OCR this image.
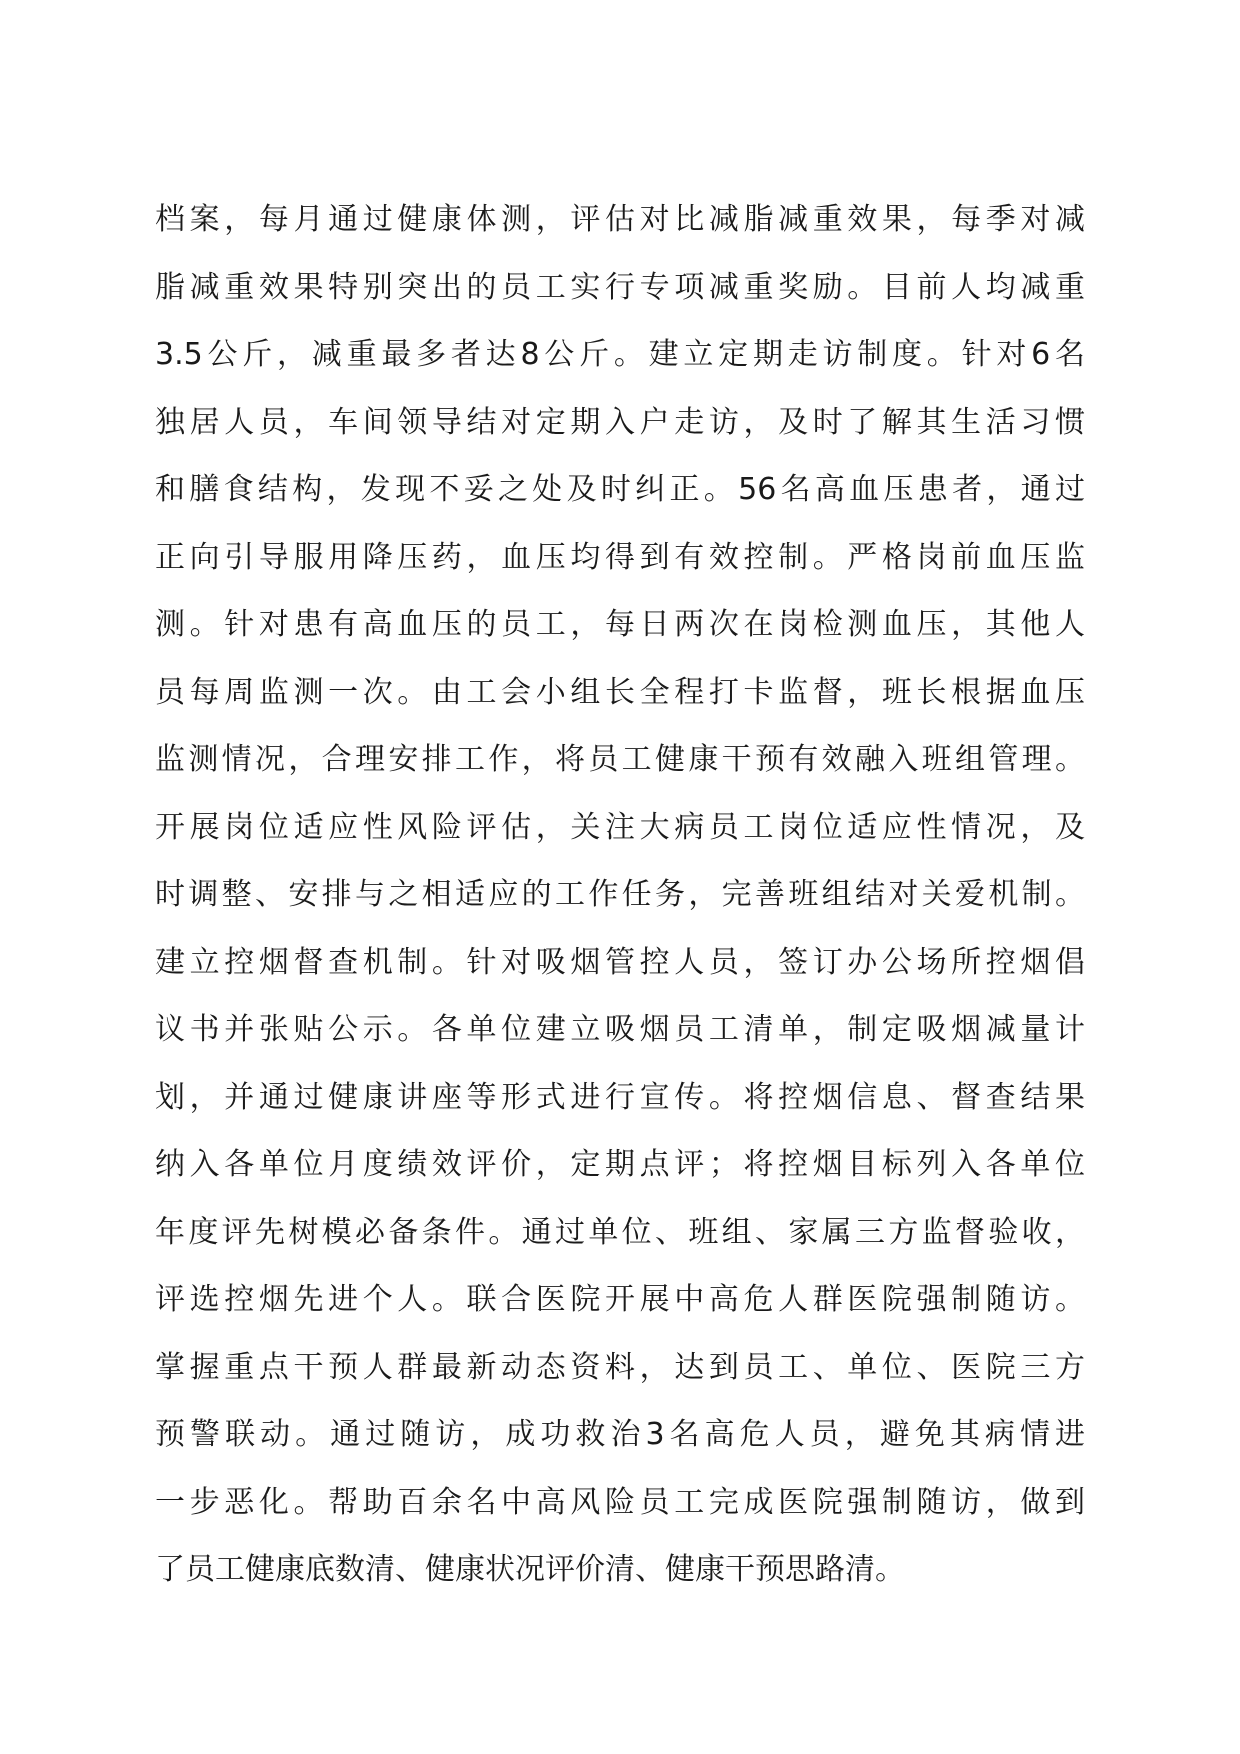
档案，每月通过健康体测，评估对比减脂减重效果，每季对减
脂减重效果特别突出的员工实行专项减重奖励。目前人均减重
3.5公斤，减重最多者达8公斤。建立定期走访制度。针对6名
独居人员，车间领导结对定期入户走访，及时了解其生活习惯
和膳食结构，发现不妥之处及时纠正。56名高血压患者，通过
正向引导服用降压药，血压均得到有效控制。严格岗前血压监
测。针对患有高血压的员工，每日两次在岗检测血压，其他人
员每周监测一次。由工会小组长全程打卡监督，班长根据血压
监测情况，合理安排工作，将员工健康干预有效融入班组管理。
开展岗位适应性风险评估，关注大病员工岗位适应性情况，及
时调整、安排与之相适应的工作任务，完善班组结对关爱机制。
建立控烟督查机制。针对吸烟管控人员，签订办公场所控烟倡
议书并张贴公示。各单位建立吸烟员工清单，制定吸烟减量计
划，并通过健康讲座等形式进行宣传。将控烟信息、督查结果
纳入各单位月度绩效评价，定期点评；将控烟目标列入各单位
年度评先树模必备条件。通过单位、班组、家属三方监督验收，
评选控烟先进个人。联合医院开展中高危人群医院强制随访。
掌握重点干预人群最新动态资料，达到员工、单位、医院三方
预警联动。通过随访，成功救治3名高危人员，避免其病情进
一步恶化。帮助百余名中高风险员工完成医院强制随访，做到
了员工健康底数清、健康状况评价清、健康干预思路清。
